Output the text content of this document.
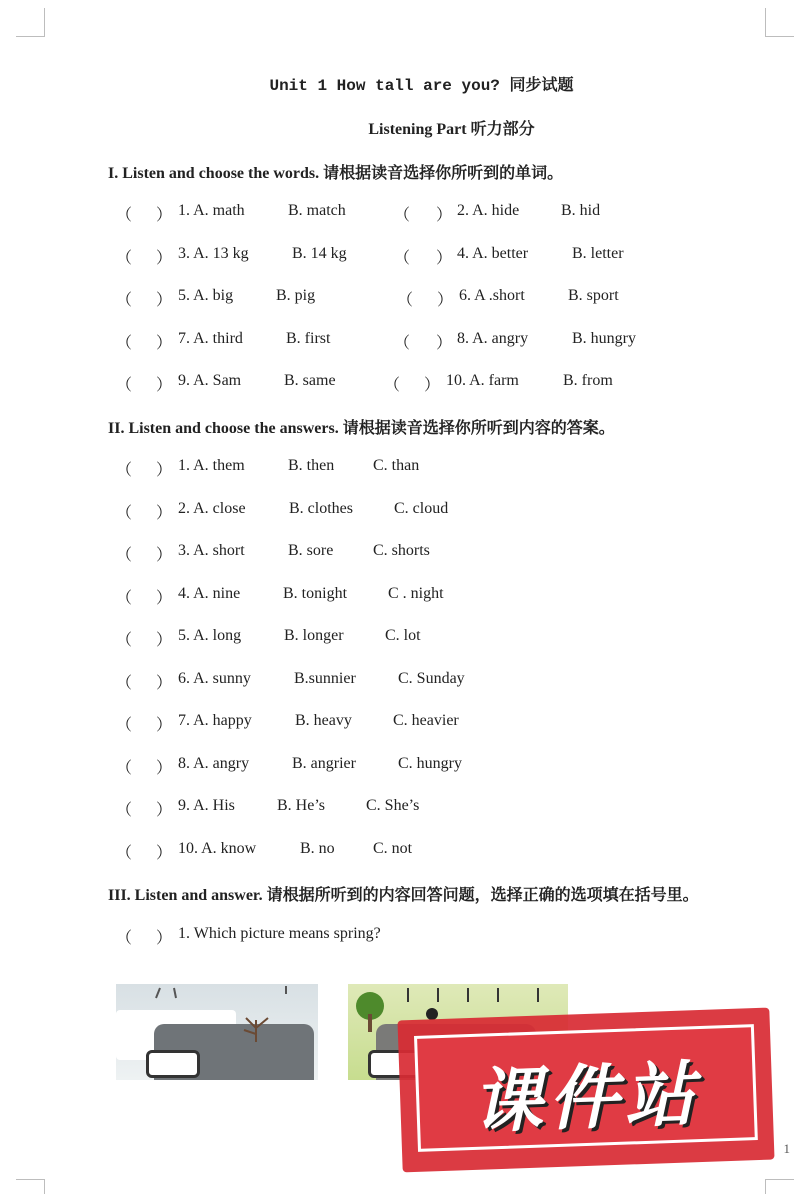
Unit 1 How tall are you? 同步试题
Listening Part 听力部分
I. Listen and choose the words. 请根据读音选择你所听到的单词。
（ ） 1. A. math	B. match	（ ） 2. A. hide	B. hid
（ ） 3. A. 13 kg	B. 14 kg	（ ） 4. A. better	B. letter
（ ） 5. A. big	B. pig	（ ） 6. A .short	B. sport
（ ） 7. A. third	B. first	（ ） 8. A. angry	B. hungry
（ ） 9. A. Sam	B. same	（ ） 10. A. farm	B. from
II. Listen and choose the answers. 请根据读音选择你所听到内容的答案。
（ ） 1. A. them	B. then C. than
（ ） 2. A. close	B. clothes	C. cloud
（ ） 3. A. short	B. sore C. shorts
（ ） 4. A. nine	B. tonight	C . night
（ ） 5. A. long	B. longer	C. lot
（ ） 6. A. sunny	B.sunnier	C. Sunday
（ ） 7. A. happy	B. heavy	C. heavier
（ ） 8. A. angry	B. angrier	C. hungry
（ ） 9. A. His	B. He’s	C. She’s
（ ） 10. A. know	B. no C. not
III. Listen and answer. 请根据所听到的内容回答问题，选择正确的选项填在括号里。
（ ） 1. Which picture means spring?
课件站
1
